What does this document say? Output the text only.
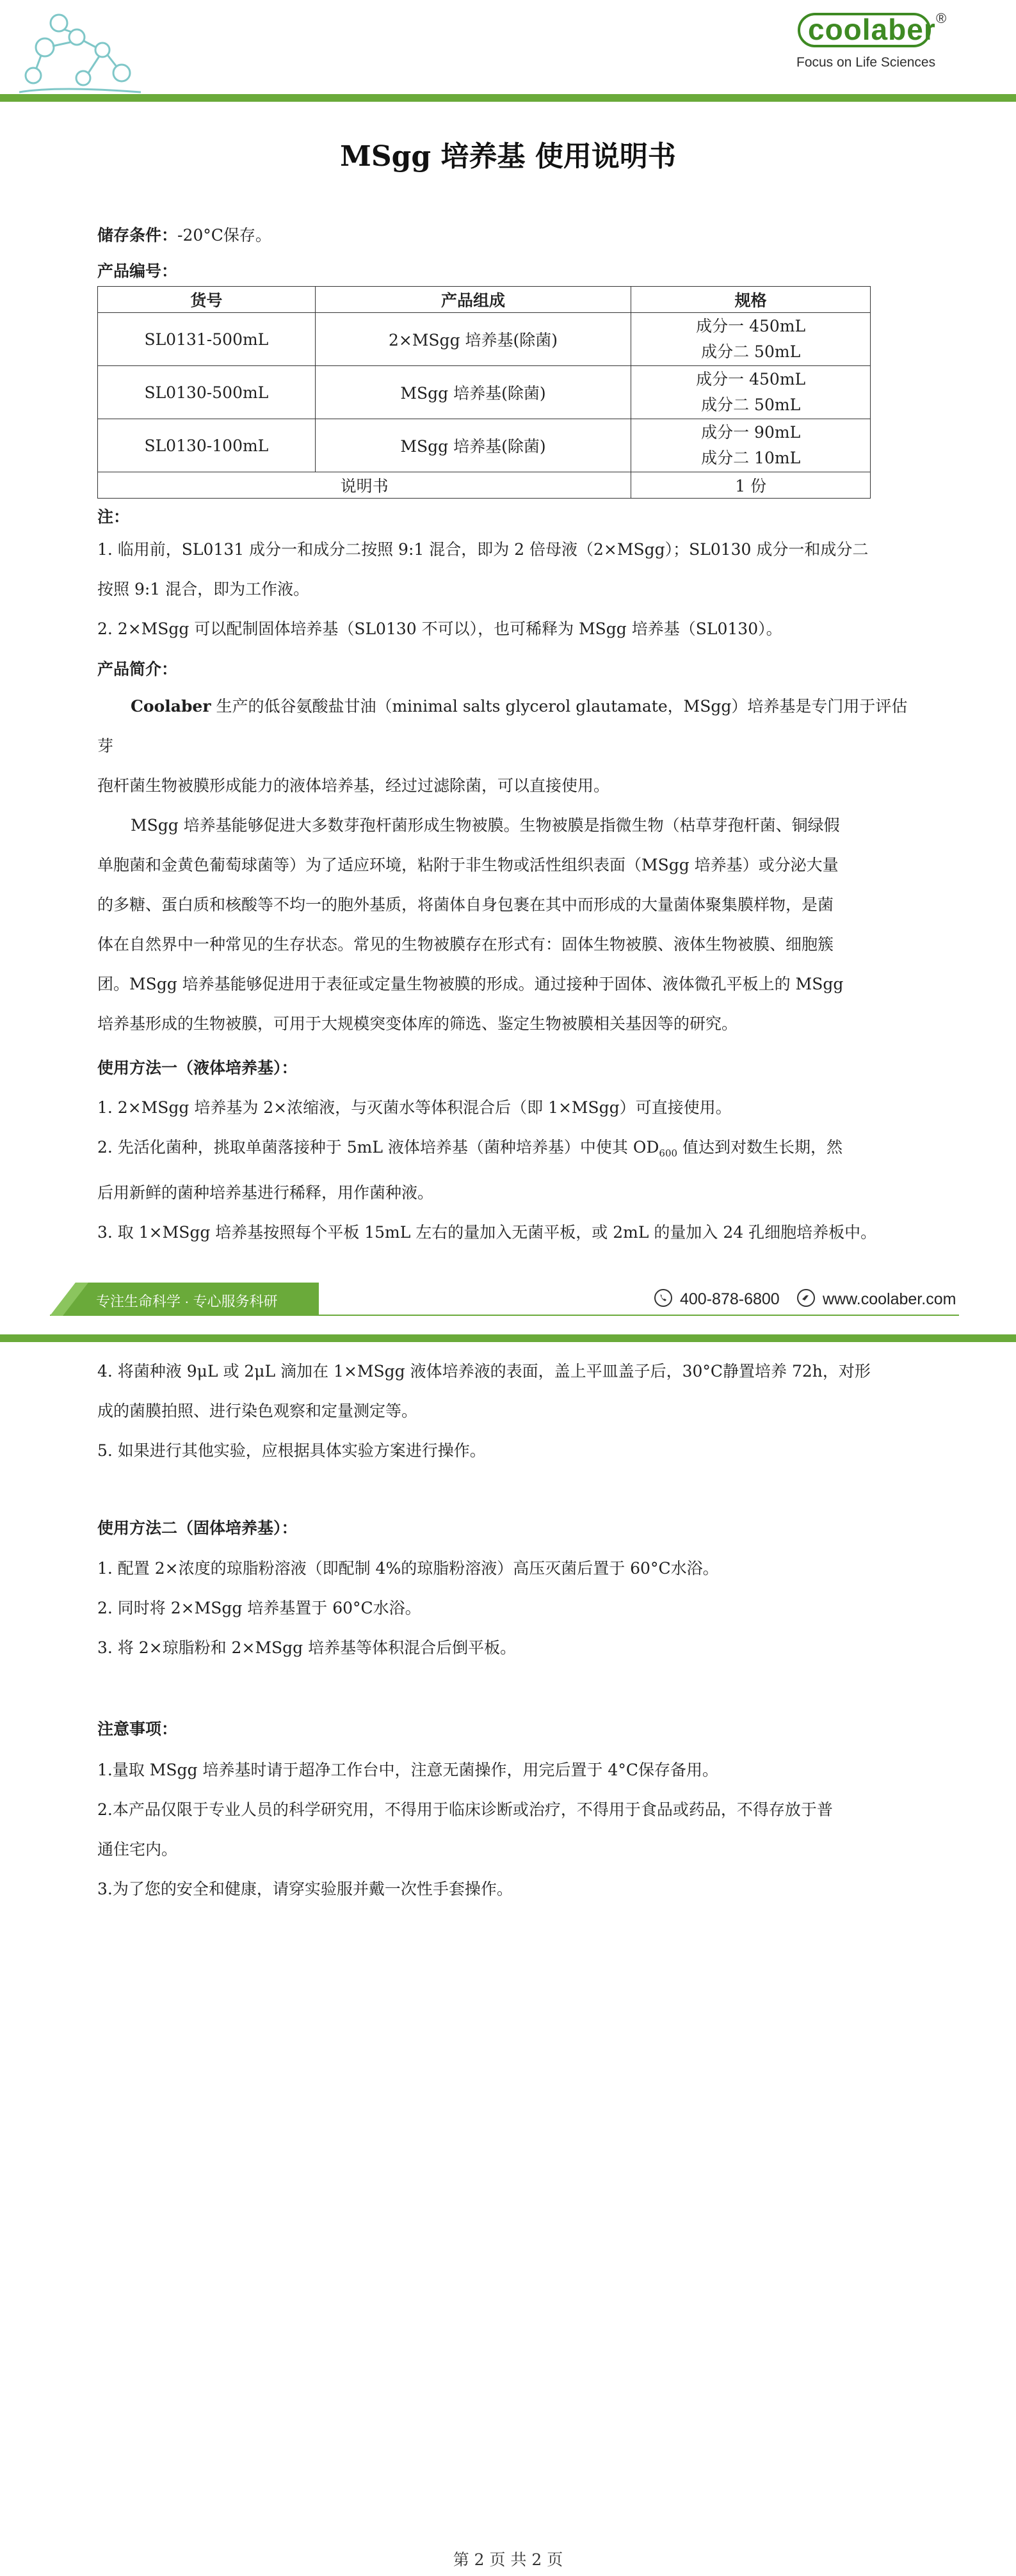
coolaber ®
Focus on Life Sciences
MSgg 培养基 使用说明书
储存条件：-20°C保存。
产品编号：
货号	产品组成	规格
SL0131-500mL	2×MSgg 培养基(除菌)	成分一 450mL
成分二 50mL

SL0130-500mL	MSgg 培养基(除菌)	成分一 450mL
成分二 50mL

SL0130-100mL	MSgg 培养基(除菌)	成分一 90mL
成分二 10mL

说明书		1 份
注：
1. 临用前，SL0131 成分一和成分二按照 9:1 混合，即为 2 倍母液（2×MSgg）；SL0130 成分一和成分二
按照 9:1 混合，即为工作液。
2. 2×MSgg 可以配制固体培养基（SL0130 不可以），也可稀释为 MSgg 培养基（SL0130）。
产品简介：
Coolaber 生产的低谷氨酸盐甘油（minimal salts glycerol glautamate，MSgg）培养基是专门用于评估芽
孢杆菌生物被膜形成能力的液体培养基，经过过滤除菌，可以直接使用。
MSgg 培养基能够促进大多数芽孢杆菌形成生物被膜。生物被膜是指微生物（枯草芽孢杆菌、铜绿假
单胞菌和金黄色葡萄球菌等）为了适应环境，粘附于非生物或活性组织表面（MSgg 培养基）或分泌大量
的多糖、蛋白质和核酸等不均一的胞外基质，将菌体自身包裹在其中而形成的大量菌体聚集膜样物，是菌
体在自然界中一种常见的生存状态。常见的生物被膜存在形式有：固体生物被膜、液体生物被膜、细胞簇
团。MSgg 培养基能够促进用于表征或定量生物被膜的形成。通过接种于固体、液体微孔平板上的 MSgg
培养基形成的生物被膜，可用于大规模突变体库的筛选、鉴定生物被膜相关基因等的研究。
使用方法一（液体培养基）：
1. 2×MSgg 培养基为 2×浓缩液，与灭菌水等体积混合后（即 1×MSgg）可直接使用。
2. 先活化菌种，挑取单菌落接种于 5mL 液体培养基（菌种培养基）中使其 $OD_{600}$ 值达到对数生长期，然
后用新鲜的菌种培养基进行稀释，用作菌种液。
3. 取 1×MSgg 培养基按照每个平板 15mL 左右的量加入无菌平板，或 2mL 的量加入 24 孔细胞培养板中。
专注生命科学 · 专心服务科研	400-878-6800	www.coolaber.com
4. 将菌种液 9μL 或 2μL 滴加在 1×MSgg 液体培养液的表面，盖上平皿盖子后，30°C静置培养 72h，对形
成的菌膜拍照、进行染色观察和定量测定等。
5. 如果进行其他实验，应根据具体实验方案进行操作。
使用方法二（固体培养基）：
1. 配置 2×浓度的琼脂粉溶液（即配制 4%的琼脂粉溶液）高压灭菌后置于 60°C水浴。
2. 同时将 2×MSgg 培养基置于 60°C水浴。
3. 将 2×琼脂粉和 2×MSgg 培养基等体积混合后倒平板。
注意事项：
1.量取 MSgg 培养基时请于超净工作台中，注意无菌操作，用完后置于 4°C保存备用。
2.本产品仅限于专业人员的科学研究用，不得用于临床诊断或治疗，不得用于食品或药品，不得存放于普
通住宅内。
3.为了您的安全和健康，请穿实验服并戴一次性手套操作。
第 2 页 共 2 页
